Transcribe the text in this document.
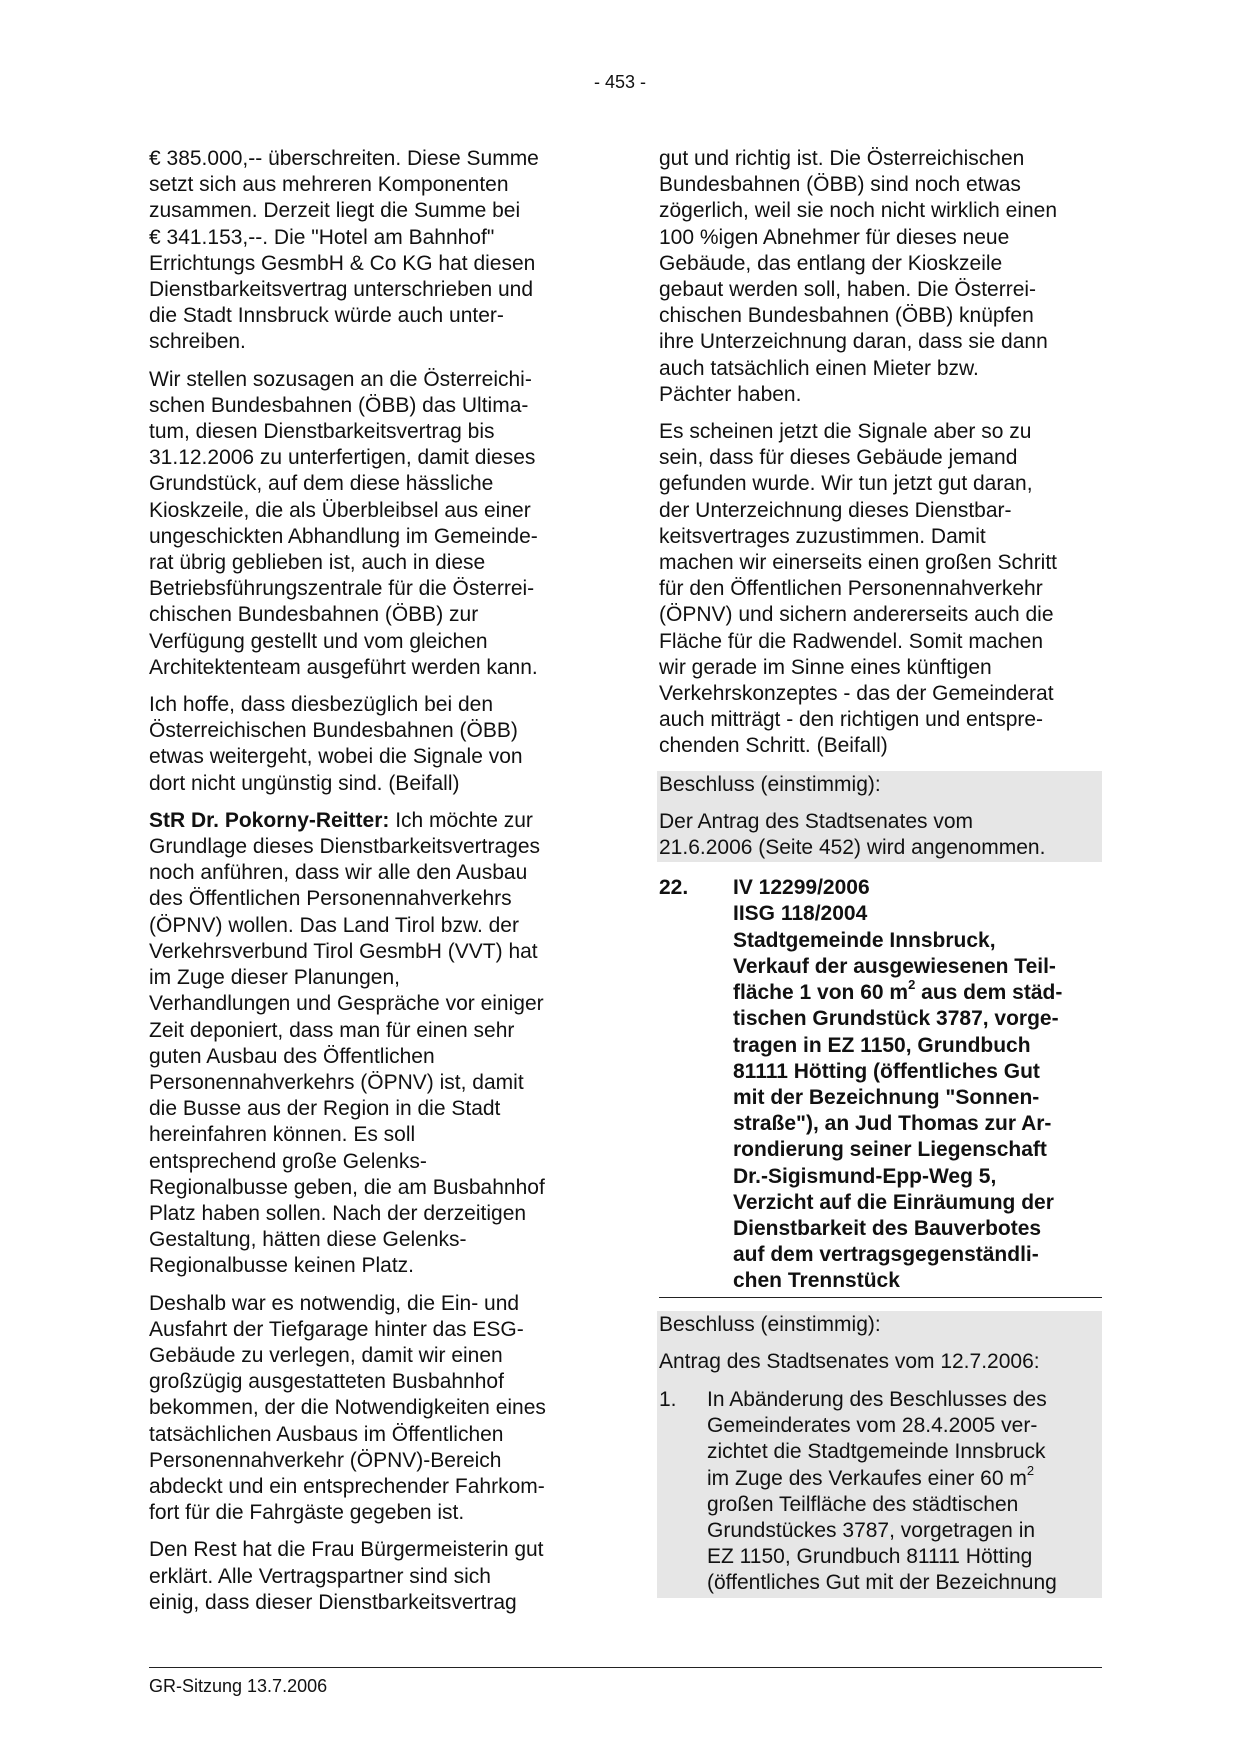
- 453 -

€ 385.000,-- überschreiten. Diese Summe
setzt sich aus mehreren Komponenten
zusammen. Derzeit liegt die Summe bei
€ 341.153,--. Die "Hotel am Bahnhof"
Errichtungs GesmbH & Co KG hat diesen
Dienstbarkeitsvertrag unterschrieben und
die Stadt Innsbruck würde auch unter-
schreiben.

Wir stellen sozusagen an die Österreichi-
schen Bundesbahnen (ÖBB) das Ultima-
tum, diesen Dienstbarkeitsvertrag bis
31.12.2006 zu unterfertigen, damit dieses
Grundstück, auf dem diese hässliche
Kioskzeile, die als Überbleibsel aus einer
ungeschickten Abhandlung im Gemeinde-
rat übrig geblieben ist, auch in diese
Betriebsführungszentrale für die Österrei-
chischen Bundesbahnen (ÖBB) zur
Verfügung gestellt und vom gleichen
Architektenteam ausgeführt werden kann.

Ich hoffe, dass diesbezüglich bei den
Österreichischen Bundesbahnen (ÖBB)
etwas weitergeht, wobei die Signale von
dort nicht ungünstig sind. (Beifall)

StR Dr. Pokorny-Reitter: Ich möchte zur
Grundlage dieses Dienstbarkeitsvertrages
noch anführen, dass wir alle den Ausbau
des Öffentlichen Personennahverkehrs
(ÖPNV) wollen. Das Land Tirol bzw. der
Verkehrsverbund Tirol GesmbH (VVT) hat
im Zuge dieser Planungen,
Verhandlungen und Gespräche vor einiger
Zeit deponiert, dass man für einen sehr
guten Ausbau des Öffentlichen
Personennahverkehrs (ÖPNV) ist, damit
die Busse aus der Region in die Stadt
hereinfahren können. Es soll
entsprechend große Gelenks-
Regionalbusse geben, die am Busbahnhof
Platz haben sollen. Nach der derzeitigen
Gestaltung, hätten diese Gelenks-
Regionalbusse keinen Platz.

Deshalb war es notwendig, die Ein- und
Ausfahrt der Tiefgarage hinter das ESG-
Gebäude zu verlegen, damit wir einen
großzügig ausgestatteten Busbahnhof
bekommen, der die Notwendigkeiten eines
tatsächlichen Ausbaus im Öffentlichen
Personennahverkehr (ÖPNV)-Bereich
abdeckt und ein entsprechender Fahrkom-
fort für die Fahrgäste gegeben ist.

Den Rest hat die Frau Bürgermeisterin gut
erklärt. Alle Vertragspartner sind sich
einig, dass dieser Dienstbarkeitsvertrag

gut und richtig ist. Die Österreichischen
Bundesbahnen (ÖBB) sind noch etwas
zögerlich, weil sie noch nicht wirklich einen
100 %igen Abnehmer für dieses neue
Gebäude, das entlang der Kioskzeile
gebaut werden soll, haben. Die Österrei-
chischen Bundesbahnen (ÖBB) knüpfen
ihre Unterzeichnung daran, dass sie dann
auch tatsächlich einen Mieter bzw.
Pächter haben.

Es scheinen jetzt die Signale aber so zu
sein, dass für dieses Gebäude jemand
gefunden wurde. Wir tun jetzt gut daran,
der Unterzeichnung dieses Dienstbar-
keitsvertrages zuzustimmen. Damit
machen wir einerseits einen großen Schritt
für den Öffentlichen Personennahverkehr
(ÖPNV) und sichern andererseits auch die
Fläche für die Radwendel. Somit machen
wir gerade im Sinne eines künftigen
Verkehrskonzeptes - das der Gemeinderat
auch mitträgt - den richtigen und entspre-
chenden Schritt. (Beifall)

Beschluss (einstimmig):

Der Antrag des Stadtsenates vom
21.6.2006 (Seite 452) wird angenommen.

22.	IV 12299/2006
IISG 118/2004
Stadtgemeinde Innsbruck,
Verkauf der ausgewiesenen Teil-
fläche 1 von 60 $m^2$ aus dem städ-
tischen Grundstück 3787, vorge-
tragen in EZ 1150, Grundbuch
81111 Hötting (öffentliches Gut
mit der Bezeichnung "Sonnen-
straße"), an Jud Thomas zur Ar-
rondierung seiner Liegenschaft
Dr.-Sigismund-Epp-Weg 5,
Verzicht auf die Einräumung der
Dienstbarkeit des Bauverbotes
auf dem vertragsgegenständli-
chen Trennstück

Beschluss (einstimmig):

Antrag des Stadtsenates vom 12.7.2006:

1.	In Abänderung des Beschlusses des
Gemeinderates vom 28.4.2005 ver-
zichtet die Stadtgemeinde Innsbruck
im Zuge des Verkaufes einer 60 $m^2$
großen Teilfläche des städtischen
Grundstückes 3787, vorgetragen in
EZ 1150, Grundbuch 81111 Hötting
(öffentliches Gut mit der Bezeichnung
GR-Sitzung 13.7.2006
